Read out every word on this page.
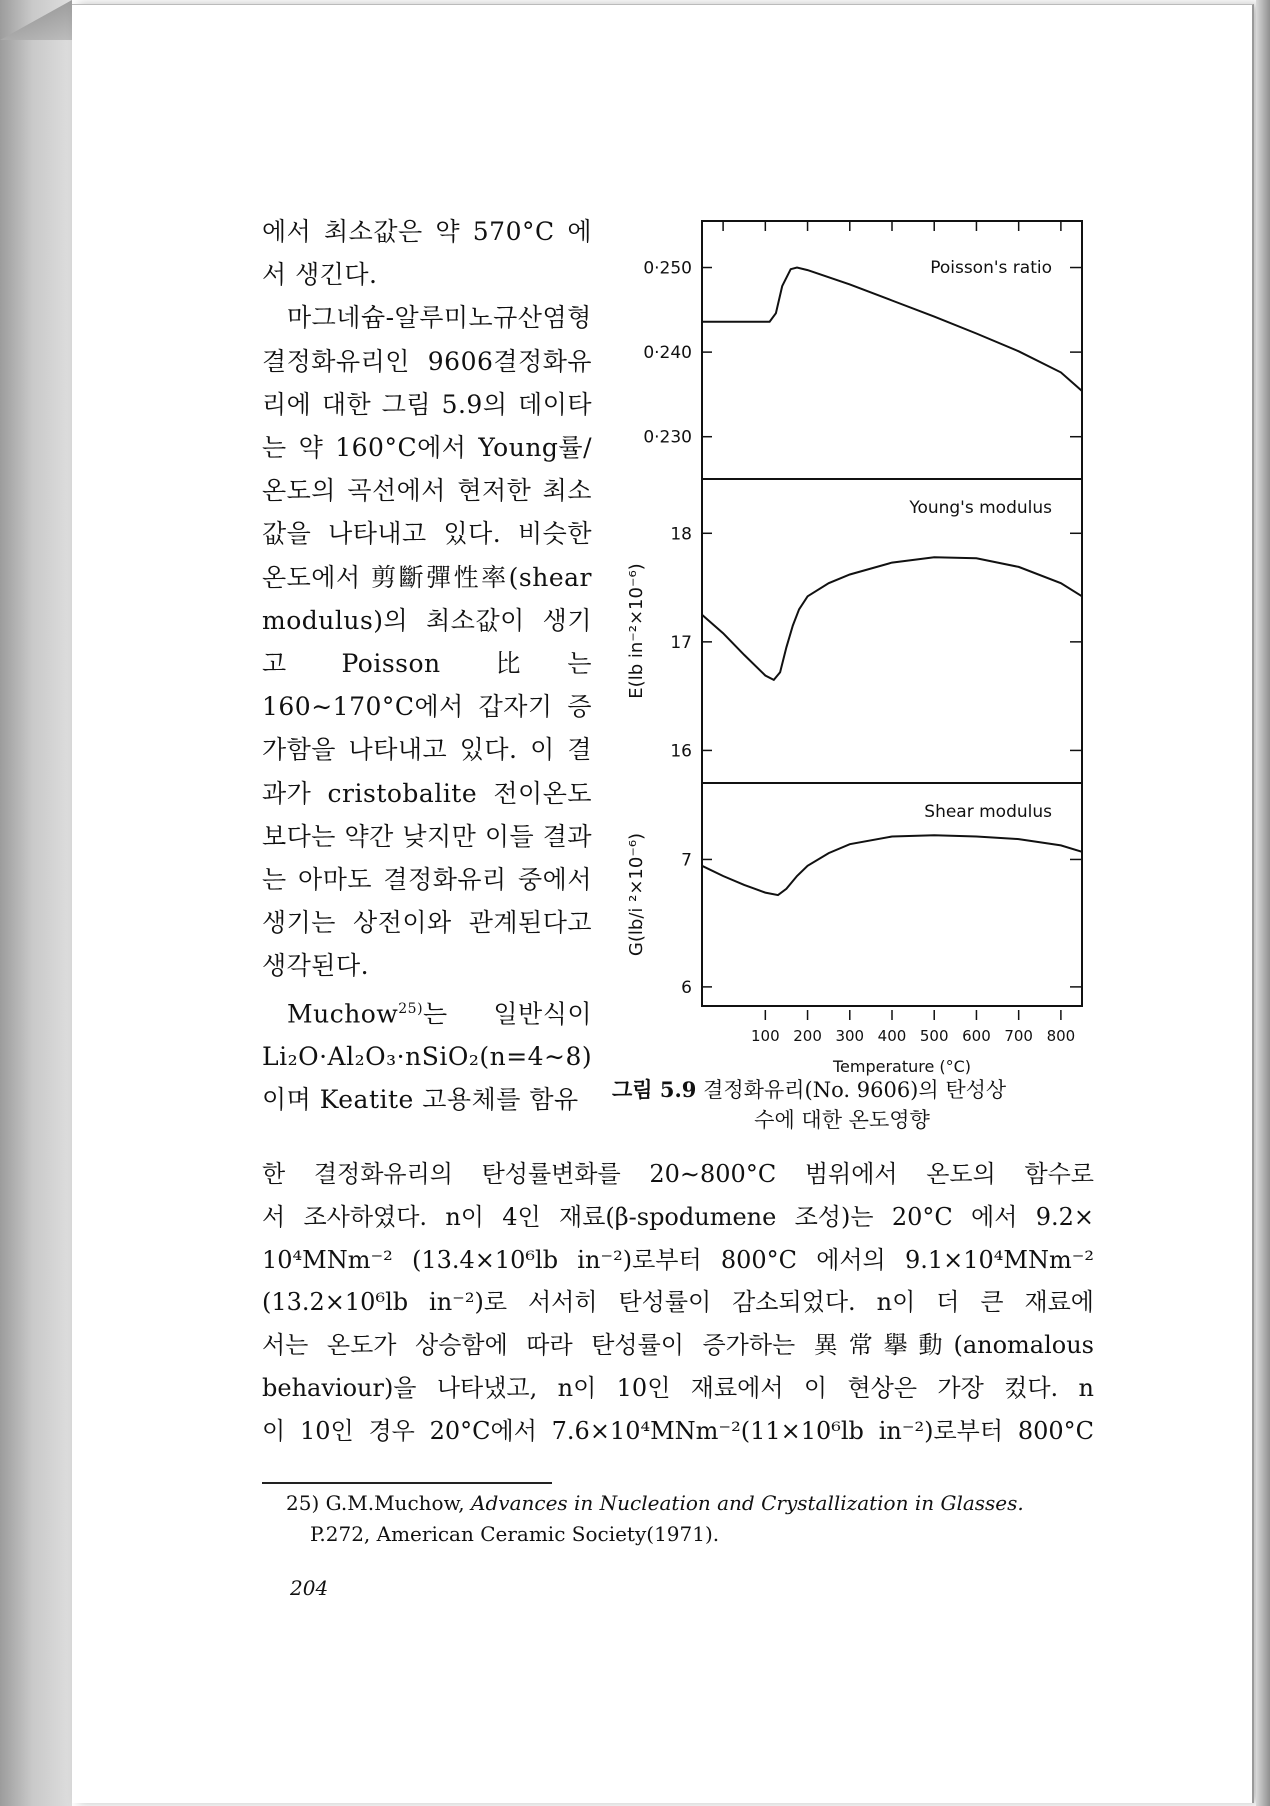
에서 최소값은 약 570°C 에서 생긴다.

마그네슘-알루미노규산염형 결정화유리인 9606결정화유리에 대한 그림 5.9의 데이타는 약 160°C에서 Young률/온도의 곡선에서 현저한 최소값을 나타내고 있다. 비슷한 온도에서 剪斷彈性率(shear modulus)의 최소값이 생기고 Poisson 比는 160∼170°C에서 갑자기 증가함을 나타내고 있다. 이 결과가 cristobalite 전이온도보다는 약간 낮지만 이들 결과는 아마도 결정화유리 중에서 생기는 상전이와 관계된다고 생각된다.

Muchow$^{25)}$는 일반식이 Li₂O·Al₂O₃·nSiO₂(n=4∼8)이며 Keatite 고용체를 함유

0·250
0·240
0·230
Poisson's ratio
18
17
16
Young's modulus
E(lb in⁻²×10⁻⁶)
7
6
Shear modulus
G(lb/i ²×10⁻⁶)
100 200 300 400 500 600 700 800
Temperature (°C)
그림 5.9 결정화유리(No. 9606)의 탄성상
수에 대한 온도영향
한 결정화유리의 탄성률변화를 20∼800°C 범위에서 온도의 함수로
서 조사하였다. n이 4인 재료(β-spodumene 조성)는 20°C 에서 9.2×
10⁴MNm⁻² (13.4×10⁶lb in⁻²)로부터 800°C 에서의 9.1×10⁴MNm⁻²
(13.2×10⁶lb in⁻²)로 서서히 탄성률이 감소되었다. n이 더 큰 재료에
서는 온도가 상승함에 따라 탄성률이 증가하는 異常擧動(anomalous
behaviour)을 나타냈고, n이 10인 재료에서 이 현상은 가장 컸다. n
이 10인 경우 20°C에서 7.6×10⁴MNm⁻²(11×10⁶lb in⁻²)로부터 800°C
25) G.M.Muchow, Advances in Nucleation and Crystallization in Glasses.
P.272, American Ceramic Society(1971).
204
